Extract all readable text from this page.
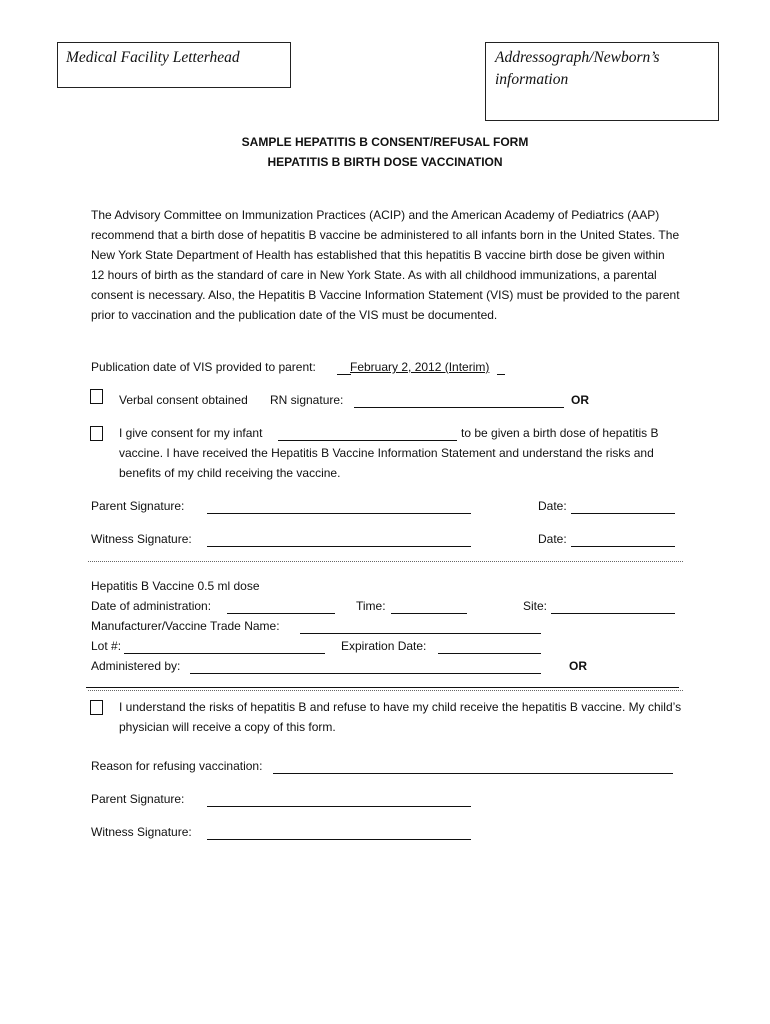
Medical Facility Letterhead	Addressograph/Newborn’s
information
SAMPLE HEPATITIS B CONSENT/REFUSAL FORM
HEPATITIS B BIRTH DOSE VACCINATION
The Advisory Committee on Immunization Practices (ACIP) and the American Academy of Pediatrics (AAP) recommend that a birth dose of hepatitis B vaccine be administered to all infants born in the United States. The New York State Department of Health has established that this hepatitis B vaccine birth dose be given within 12 hours of birth as the standard of care in New York State. As with all childhood immunizations, a parental consent is necessary. Also, the Hepatitis B Vaccine Information Statement (VIS) must be provided to the parent prior to vaccination and the publication date of the VIS must be documented.
Publication date of VIS provided to parent:	February 2, 2012 (Interim)
Verbal consent obtained RN signature:	OR
I give consent for my infant	to be given a birth dose of hepatitis B
vaccine. I have received the Hepatitis B Vaccine Information Statement and understand the risks and benefits of my child receiving the vaccine.
Parent Signature:	Date:
Witness Signature:	Date:
Hepatitis B Vaccine 0.5 ml dose
Date of administration:	Time:	Site:
Manufacturer/Vaccine Trade Name:
Lot #:	Expiration Date:
Administered by:	OR
I understand the risks of hepatitis B and refuse to have my child receive the hepatitis B vaccine. My child’s physician will receive a copy of this form.
Reason for refusing vaccination:
Parent Signature:
Witness Signature:
